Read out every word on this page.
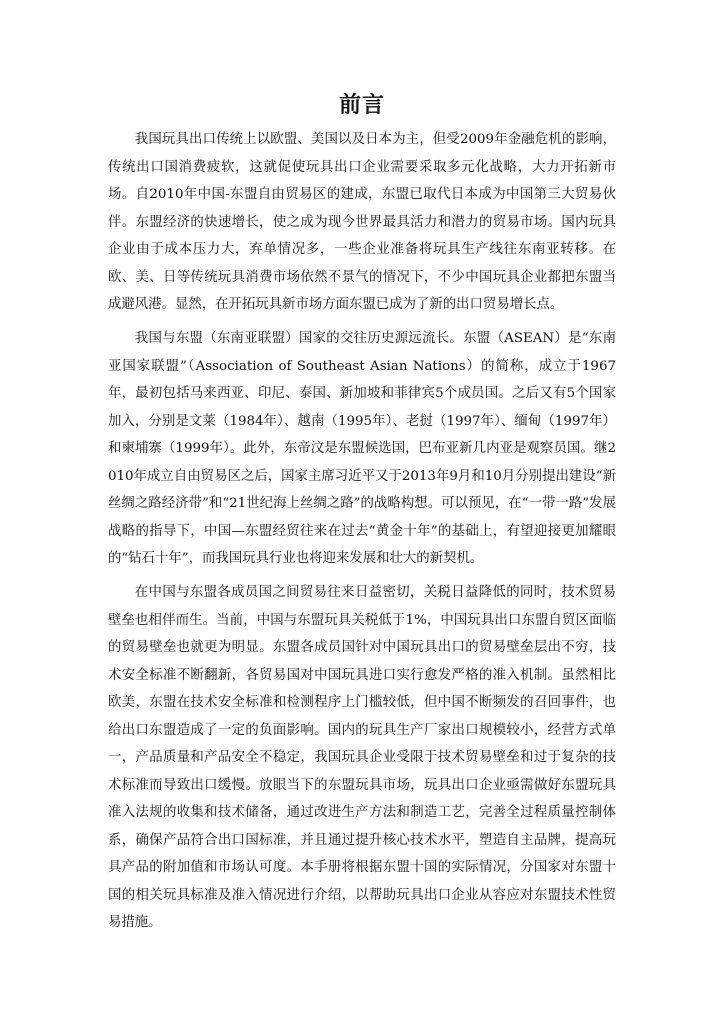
前言

我国玩具出口传统上以欧盟、美国以及日本为主，但受2009年金融危机的影响，传统出口国消费疲软，这就促使玩具出口企业需要采取多元化战略，大力开拓新市场。自2010年中国-东盟自由贸易区的建成，东盟已取代日本成为中国第三大贸易伙伴。东盟经济的快速增长，使之成为现今世界最具活力和潜力的贸易市场。国内玩具企业由于成本压力大，弃单情况多，一些企业准备将玩具生产线往东南亚转移。在欧、美、日等传统玩具消费市场依然不景气的情况下，不少中国玩具企业都把东盟当成避风港。显然，在开拓玩具新市场方面东盟已成为了新的出口贸易增长点。

我国与东盟（东南亚联盟）国家的交往历史源远流长。东盟（ASEAN）是“东南亚国家联盟”（Association of Southeast Asian Nations）的简称，成立于1967年，最初包括马来西亚、印尼、泰国、新加坡和菲律宾5个成员国。之后又有5个国家加入，分别是文莱（1984年）、越南（1995年）、老挝（1997年）、缅甸（1997年）和柬埔寨（1999年）。此外，东帝汶是东盟候选国，巴布亚新几内亚是观察员国。继2010年成立自由贸易区之后，国家主席习近平又于2013年9月和10月分别提出建设“新丝绸之路经济带”和“21世纪海上丝绸之路”的战略构想。可以预见，在“一带一路”发展战略的指导下，中国—东盟经贸往来在过去“黄金十年”的基础上，有望迎接更加耀眼的“钻石十年”，而我国玩具行业也将迎来发展和壮大的新契机。

在中国与东盟各成员国之间贸易往来日益密切，关税日益降低的同时，技术贸易壁垒也相伴而生。当前，中国与东盟玩具关税低于1%，中国玩具出口东盟自贸区面临的贸易壁垒也就更为明显。东盟各成员国针对中国玩具出口的贸易壁垒层出不穷，技术安全标准不断翻新，各贸易国对中国玩具进口实行愈发严格的准入机制。虽然相比欧美，东盟在技术安全标准和检测程序上门槛较低，但中国不断频发的召回事件，也给出口东盟造成了一定的负面影响。国内的玩具生产厂家出口规模较小，经营方式单一，产品质量和产品安全不稳定，我国玩具企业受限于技术贸易壁垒和过于复杂的技术标准而导致出口缓慢。放眼当下的东盟玩具市场，玩具出口企业亟需做好东盟玩具准入法规的收集和技术储备，通过改进生产方法和制造工艺，完善全过程质量控制体系，确保产品符合出口国标准，并且通过提升核心技术水平，塑造自主品牌，提高玩具产品的附加值和市场认可度。本手册将根据东盟十国的实际情况，分国家对东盟十国的相关玩具标准及准入情况进行介绍，以帮助玩具出口企业从容应对东盟技术性贸易措施。
